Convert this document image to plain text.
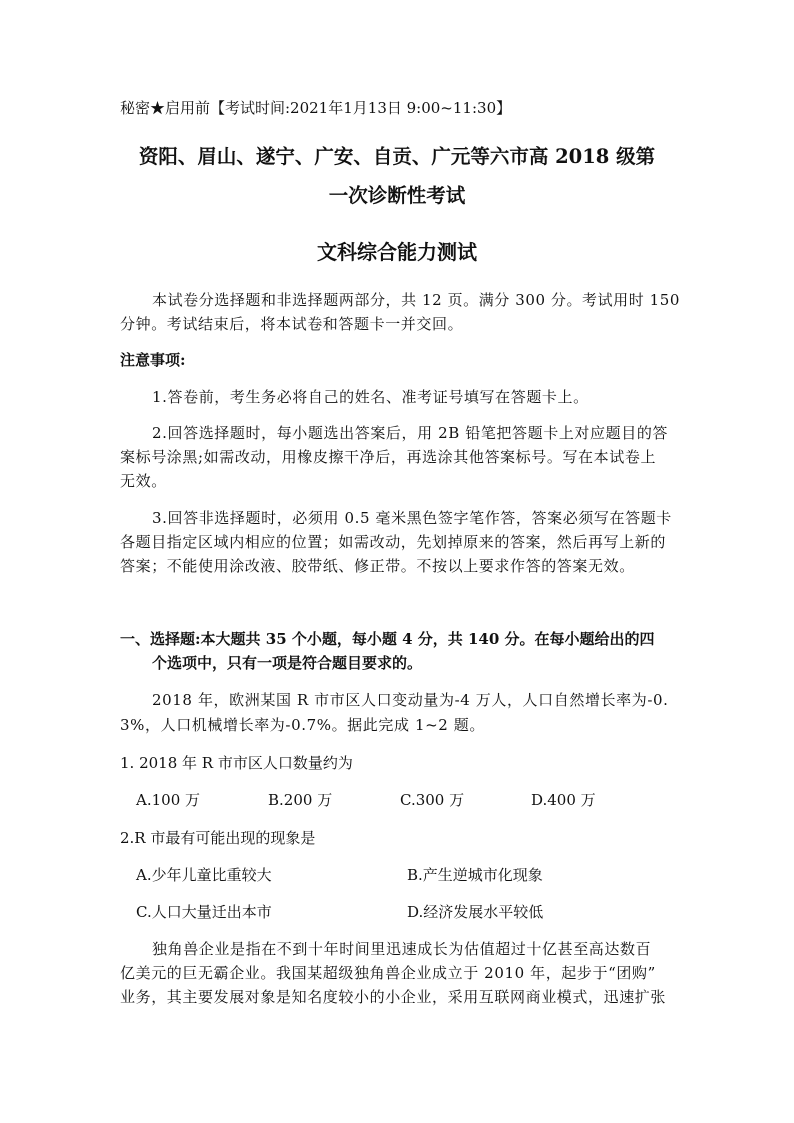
秘密★启用前【考试时间:2021年1月13日 9:00~11:30】
资阳、眉山、遂宁、广安、自贡、广元等六市高 2018 级第
一次诊断性考试
文科综合能力测试
本试卷分选择题和非选择题两部分，共 12 页。满分 300 分。考试用时 150
分钟。考试结束后，将本试卷和答题卡一并交回。
注意事项:
1.答卷前，考生务必将自己的姓名、准考证号填写在答题卡上。
2.回答选择题时，每小题选出答案后，用 2B 铅笔把答题卡上对应题目的答
案标号涂黑;如需改动，用橡皮擦干净后，再选涂其他答案标号。写在本试卷上
无效。
3.回答非选择题时，必须用 0.5 毫米黑色签字笔作答，答案必须写在答题卡
各题目指定区域内相应的位置；如需改动，先划掉原来的答案，然后再写上新的
答案；不能使用涂改液、胶带纸、修正带。不按以上要求作答的答案无效。
一、选择题:本大题共 35 个小题，每小题 4 分，共 140 分。在每小题给出的四
个选项中，只有一项是符合题目要求的。
2018 年，欧洲某国 R 市市区人口变动量为-4 万人，人口自然增长率为-0.
3%，人口机械增长率为-0.7%。据此完成 1~2 题。
1. 2018 年 R 市市区人口数量约为
A.100 万	B.200 万	C.300 万	D.400 万
2.R 市最有可能出现的现象是
A.少年儿童比重较大	B.产生逆城市化现象
C.人口大量迁出本市	D.经济发展水平较低
独角兽企业是指在不到十年时间里迅速成长为估值超过十亿甚至高达数百
亿美元的巨无霸企业。我国某超级独角兽企业成立于 2010 年，起步于“团购”
业务，其主要发展对象是知名度较小的小企业，采用互联网商业模式，迅速扩张
